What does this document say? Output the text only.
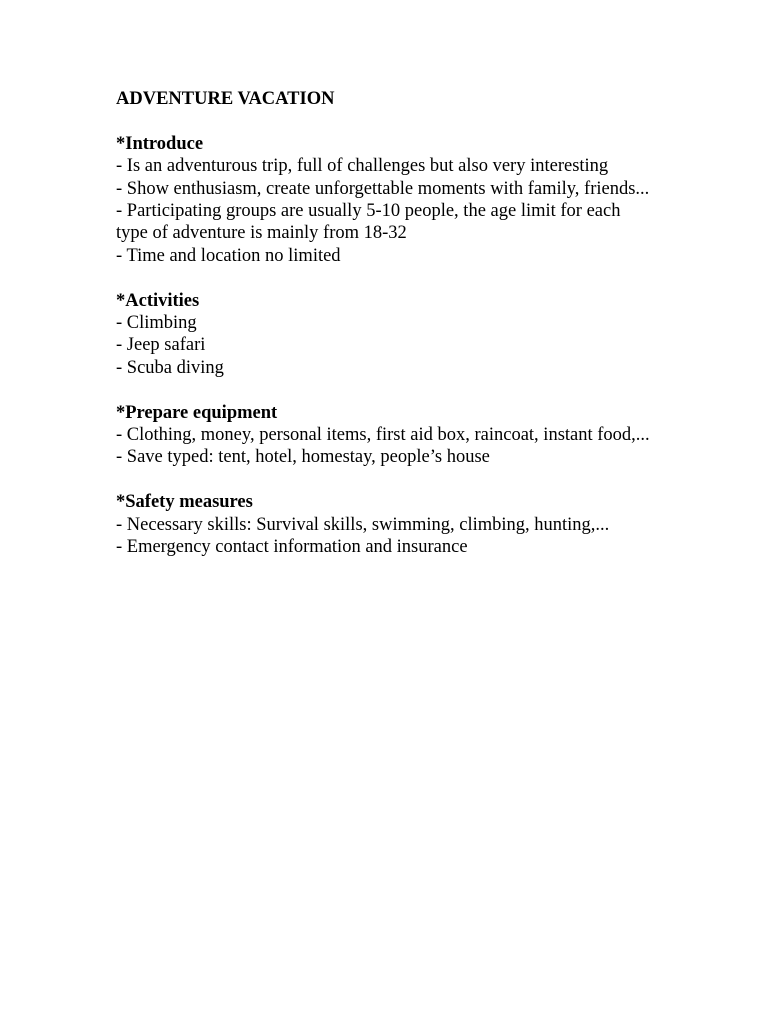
ADVENTURE VACATION

*Introduce

- Is an adventurous trip, full of challenges but also very interesting

- Show enthusiasm, create unforgettable moments with family, friends...

- Participating groups are usually 5-10 people, the age limit for each type of adventure is mainly from 18-32

- Time and location no limited

*Activities

- Climbing

- Jeep safari

- Scuba diving

*Prepare equipment

- Clothing, money, personal items, first aid box, raincoat, instant food,...

- Save typed: tent, hotel, homestay, people’s house

*Safety measures

- Necessary skills: Survival skills, swimming, climbing, hunting,...

- Emergency contact information and insurance
